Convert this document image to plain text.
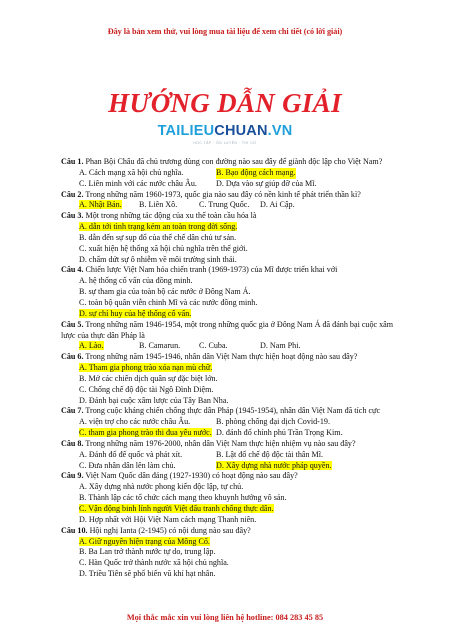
Đây là bản xem thử, vui lòng mua tài liệu để xem chi tiết (có lời giải)
HƯỚNG DẪN GIẢI
TAILIEUCHUAN.VN
HỌC TẬP · ÔN LUYỆN · THI CỬ
Câu 1. Phan Bội Châu đã chủ trương dùng con đường nào sau đây để giành độc lập cho Việt Nam?
A. Cách mạng xã hội chủ nghĩa.	B. Bạo động cách mạng.
C. Liên minh với các nước châu Âu.	D. Dựa vào sự giúp đỡ của Mĩ.
Câu 2. Trong những năm 1960-1973, quốc gia nào sau đây có nền kinh tế phát triển thần kì?
A. Nhật Bản.	B. Liên Xô.	C. Trung Quốc.	D. Ai Cập.
Câu 3. Một trong những tác động của xu thế toàn cầu hóa là
A. dẫn tới tình trạng kém an toàn trong đời sống.
B. dẫn đến sự sụp đổ của thế chế dân chủ tư sản.
C. xuất hiện hệ thống xã hội chủ nghĩa trên thế giới.
D. chấm dứt sự ô nhiễm về môi trường sinh thái.
Câu 4. Chiến lược Việt Nam hóa chiến tranh (1969-1973) của Mĩ được triển khai với
A. hệ thống cố vấn của đồng minh.
B. sự tham gia của toàn bộ các nước ở Đông Nam Á.
C. toàn bộ quân viễn chinh Mĩ và các nước đồng minh.
D. sự chỉ huy của hệ thống cố vấn.
Câu 5. Trong những năm 1946-1954, một trong những quốc gia ở Đông Nam Á đã đánh bại cuộc xâm lược của thực dân Pháp là
A. Lào.	B. Camarun.	C. Cuba.	D. Nam Phi.
Câu 6. Trong những năm 1945-1946, nhân dân Việt Nam thực hiện hoạt động nào sau đây?
A. Tham gia phong trào xóa nạn mù chữ.
B. Mở các chiến dịch quân sự đặc biệt lớn.
C. Chống chế độ độc tài Ngô Đình Diệm.
D. Đánh bại cuộc xâm lược của Tây Ban Nha.
Câu 7. Trong cuộc kháng chiến chống thực dân Pháp (1945-1954), nhân dân Việt Nam đã tích cực
A. viện trợ cho các nước châu Âu.	B. phòng chống đại dịch Covid-19.
C. tham gia phong trào thi đua yêu nước. D. đánh đổ chính phủ Trần Trọng Kim.
Câu 8. Trong những năm 1976-2000, nhân dân Việt Nam thực hiện nhiệm vụ nào sau đây?
A. Đánh đổ đế quốc và phát xít.	B. Lật đổ chế độ độc tài thân Mĩ.
C. Đưa nhân dân lên làm chủ.	D. Xây dựng nhà nước pháp quyền.
Câu 9. Việt Nam Quốc dân đảng (1927-1930) có hoạt động nào sau đây?
A. Xây dựng nhà nước phong kiến độc lập, tự chủ.
B. Thành lập các tổ chức cách mạng theo khuynh hướng vô sản.
C. Vận động binh lính người Việt đấu tranh chống thực dân.
D. Hợp nhất với Hội Việt Nam cách mạng Thanh niên.
Câu 10. Hội nghị Ianta (2-1945) có nội dung nào sau đây?
A. Giữ nguyên hiện trạng của Mông Cổ.
B. Ba Lan trở thành nước tự do, trung lập.
C. Hàn Quốc trở thành nước xã hội chủ nghĩa.
D. Triều Tiên sẽ phổ biến vũ khí hạt nhân.
Mọi thắc mắc xin vui lòng liên hệ hotline: 084 283 45 85
